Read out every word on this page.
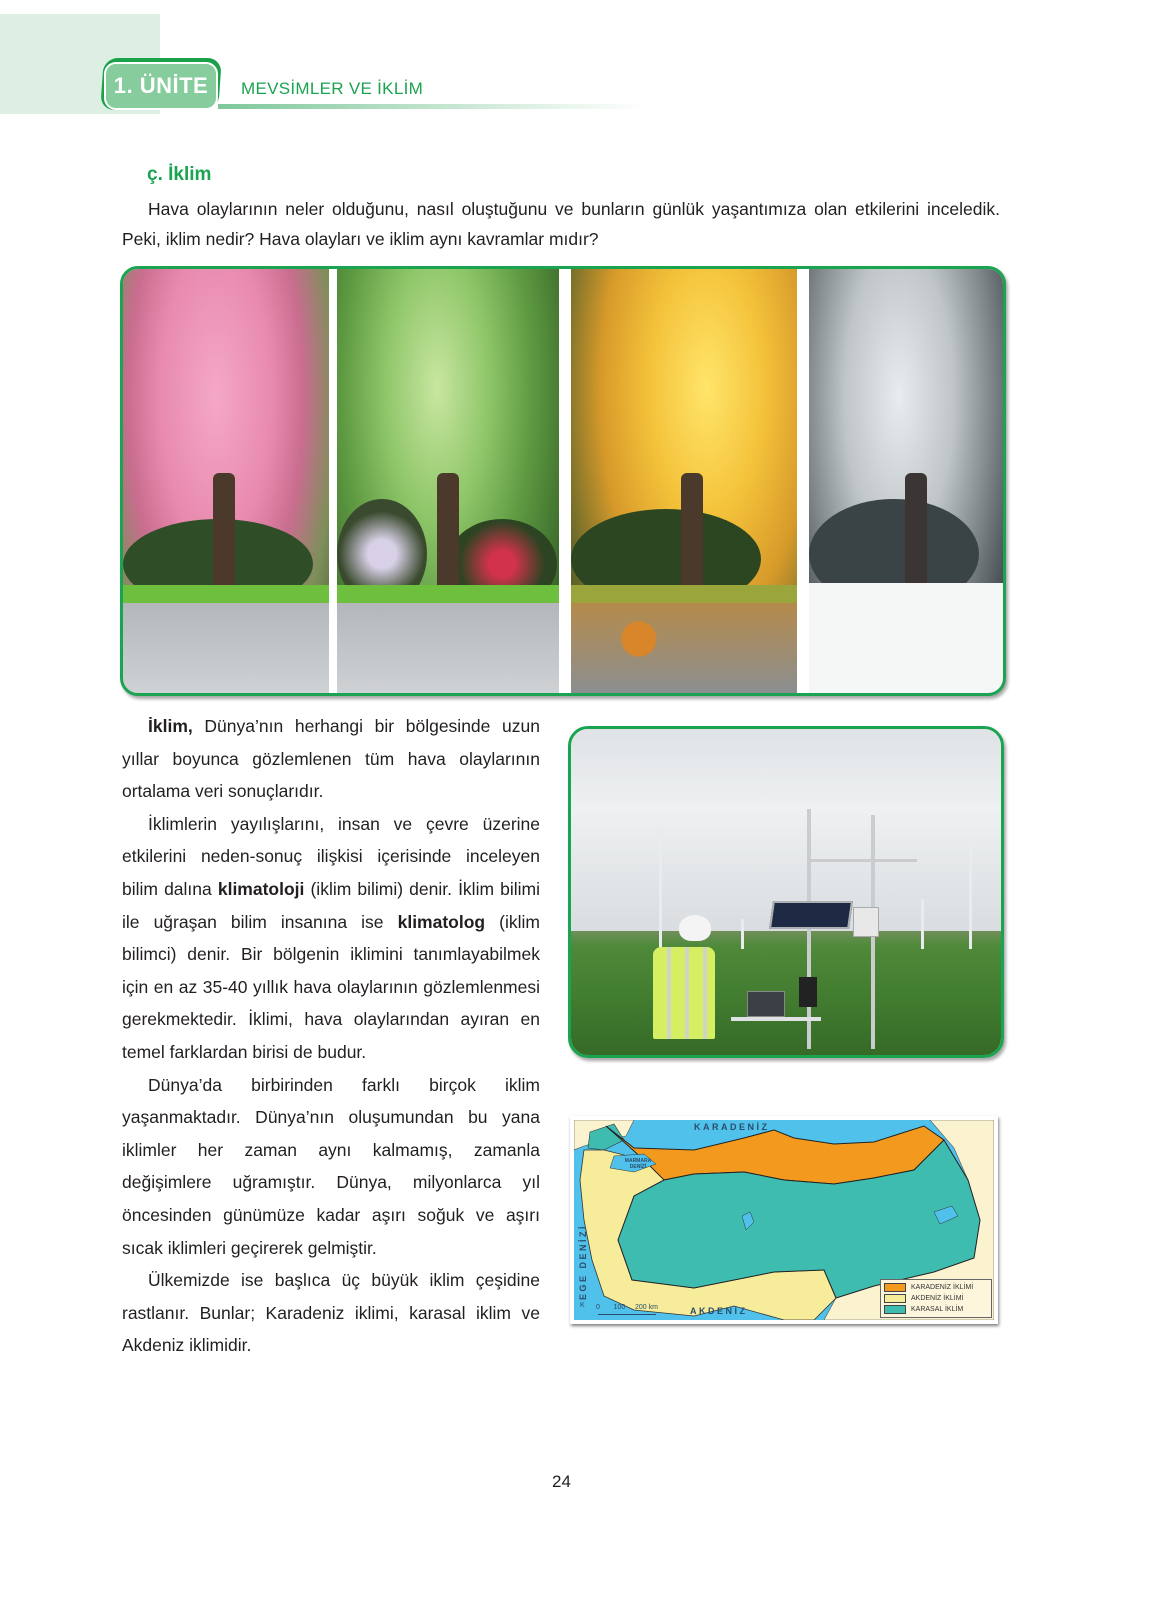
1. ÜNİTE	MEVSİMLER VE İKLİM
ç. İklim
Hava olaylarının neler olduğunu, nasıl oluştuğunu ve bunların günlük yaşantımıza olan etkilerini inceledik. Peki, iklim nedir? Hava olayları ve iklim aynı kavramlar mıdır?

İklim, Dünya’nın herhangi bir bölgesinde uzun yıllar boyunca gözlemlenen tüm hava olaylarının ortalama veri sonuçlarıdır.

İklimlerin yayılışlarını, insan ve çevre üzerine etkilerini neden-sonuç ilişkisi içerisinde inceleyen bilim dalına klimatoloji (iklim bilimi) denir. İklim bilimi ile uğraşan bilim insanına ise klimatolog (iklim bilimci) denir. Bir bölgenin iklimini tanımlayabilmek için en az 35-40 yıllık hava olaylarının gözlemlenmesi gerekmektedir. İklimi, hava olaylarından ayıran en temel farklardan birisi de budur.

Dünya’da birbirinden farklı birçok iklim yaşanmaktadır. Dünya’nın oluşumundan bu yana iklimler her zaman aynı kalmamış, zamanla değişimlere uğramıştır. Dünya, milyonlarca yıl öncesinden günümüze kadar aşırı soğuk ve aşırı sıcak iklimleri geçirerek gelmiştir.

Ülkemizde ise başlıca üç büyük iklim çeşidine rastlanır. Bunlar; Karadeniz iklimi, karasal iklim ve Akdeniz iklimidir.

KARADENİZ
MARMARA DENİZİ
EGE DENİZİ
AKDENİZ
K 0 100 200 km
KARADENİZ İKLİMİ
AKDENİZ İKLİMİ
KARASAL İKLİM
24
